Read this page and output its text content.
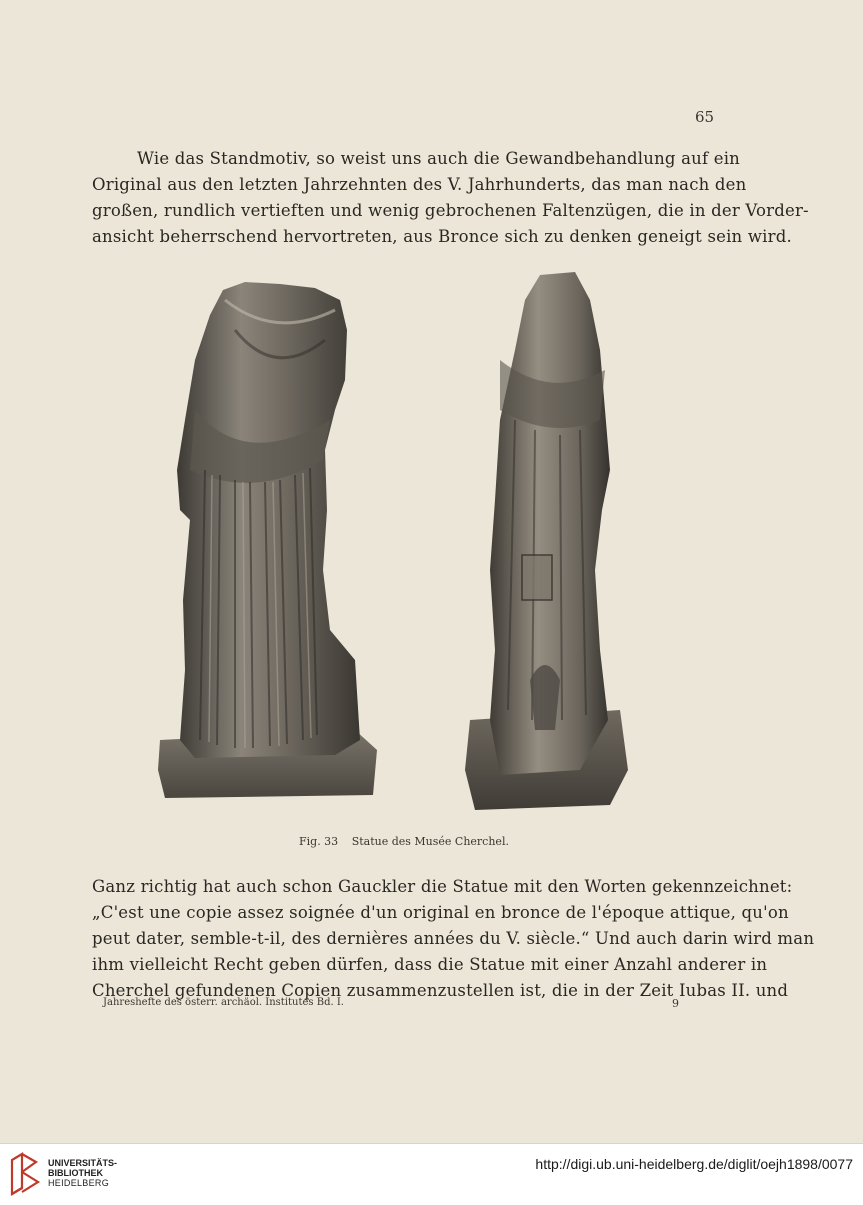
65
Wie das Standmotiv, so weist uns auch die Gewandbehandlung auf ein
Original aus den letzten Jahrzehnten des V. Jahrhunderts, das man nach den
großen, rundlich vertieften und wenig gebrochenen Faltenzügen, die in der Vorder-
ansicht beherrschend hervortreten, aus Bronce sich zu denken geneigt sein wird.
Fig. 33 Statue des Musée Cherchel.
Ganz richtig hat auch schon Gauckler die Statue mit den Worten gekennzeichnet:
„C'est une copie assez soignée d'un original en bronce de l'époque attique, qu'on
peut dater, semble-t-il, des dernières années du V. siècle.“ Und auch darin wird man
ihm vielleicht Recht geben dürfen, dass die Statue mit einer Anzahl anderer in
Cherchel gefundenen Copien zusammenzustellen ist, die in der Zeit Iubas II. und
Jahreshefte des österr. archäol. Institutes Bd. I.	9
UNIVERSITÄTS-
BIBLIOTHEK
HEIDELBERG
http://digi.ub.uni-heidelberg.de/diglit/oejh1898/0077
